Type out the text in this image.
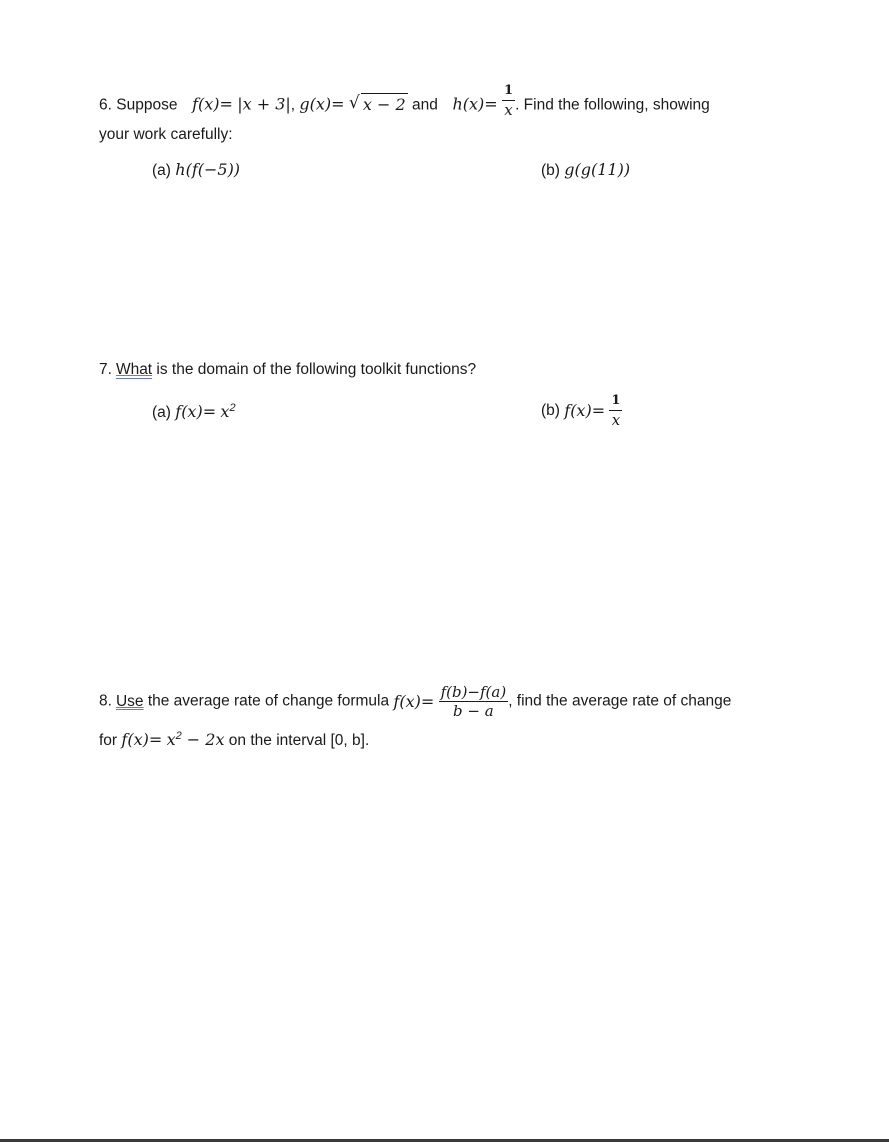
6. Suppose f(x)= |x + 3|, g(x)= √ x − 2 and $h(x)= \frac{1}{x}$ . Find the following, showing
your work carefully:
(a) h(f(−5))	(b) g(g(11))
7. What is the domain of the following toolkit functions?
(a) $f(x)= x^2$	(b) $f(x)= \frac{1}{x}$
8. Use the average rate of change formula $f(x)= \frac{f(b)-f(a)}{b - a}$ , find the average rate of change
for $f(x)= x^2 - 2x$ on the interval [0, b].
